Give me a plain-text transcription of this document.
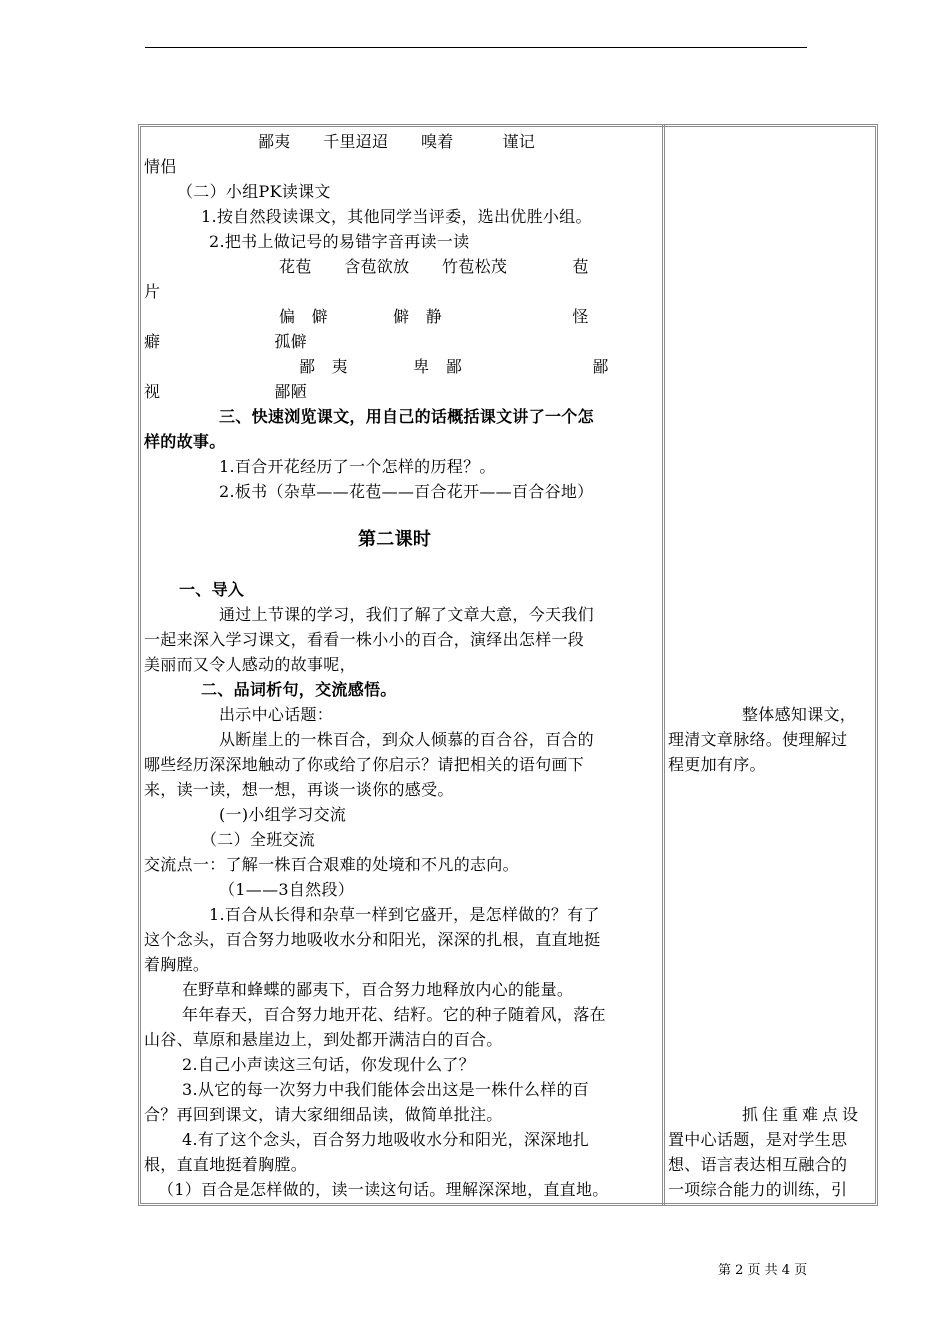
鄙夷　　千里迢迢　　嗅着　　　谨记
情侣
（二）小组PK读课文
1.按自然段读课文，其他同学当评委，选出优胜小组。
2.把书上做记号的易错字音再读一读
花苞　　含苞欲放　　竹苞松茂　　　　苞
片
偏　僻　　　　僻　静　　　　　　　　怪
癖　　　　　　　孤僻
鄙　夷　　　　卑　鄙　　　　　　　　鄙
视　　　　　　　鄙陋
三、快速浏览课文，用自己的话概括课文讲了一个怎
样的故事。
1.百合开花经历了一个怎样的历程？。
2.板书（杂草——花苞——百合花开——百合谷地）
第二课时
一、导入
通过上节课的学习，我们了解了文章大意，今天我们
一起来深入学习课文，看看一株小小的百合，演绎出怎样一段
美丽而又令人感动的故事呢，
二、品词析句，交流感悟。
出示中心话题：
从断崖上的一株百合，到众人倾慕的百合谷，百合的
哪些经历深深地触动了你或给了你启示？请把相关的语句画下
来，读一读，想一想，再谈一谈你的感受。
(一)小组学习交流
（二）全班交流
交流点一：了解一株百合艰难的处境和不凡的志向。
（1——3自然段）
1.百合从长得和杂草一样到它盛开，是怎样做的？有了
这个念头，百合努力地吸收水分和阳光，深深的扎根，直直地挺
着胸膛。
在野草和蜂蝶的鄙夷下，百合努力地释放内心的能量。
年年春天，百合努力地开花、结籽。它的种子随着风，落在
山谷、草原和悬崖边上，到处都开满洁白的百合。
2.自己小声读这三句话，你发现什么了？
3.从它的每一次努力中我们能体会出这是一株什么样的百
合？再回到课文，请大家细细品读，做简单批注。
4.有了这个念头，百合努力地吸收水分和阳光，深深地扎
根，直直地挺着胸膛。
（1）百合是怎样做的，读一读这句话。理解深深地，直直地。
整体感知课文，
理清文章脉络。使理解过
程更加有序。
抓住重难点设
置中心话题，是对学生思
想、语言表达相互融合的
一项综合能力的训练，引
第 2 页 共 4 页
